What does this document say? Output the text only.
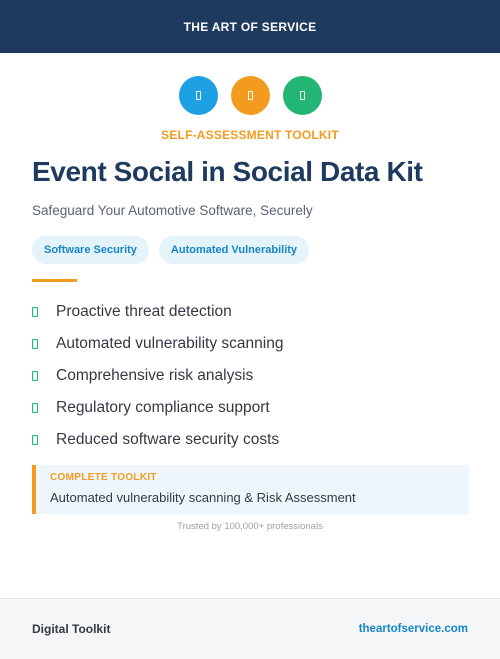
THE ART OF SERVICE
SELF-ASSESSMENT TOOLKIT
Event Social in Social Data Kit
Safeguard Your Automotive Software, Securely
Software Security	Automated Vulnerability
Proactive threat detection
Automated vulnerability scanning
Comprehensive risk analysis
Regulatory compliance support
Reduced software security costs
COMPLETE TOOLKIT
Automated vulnerability scanning & Risk Assessment
Trusted by 100,000+ professionals
Digital Toolkit	theartofservice.com
